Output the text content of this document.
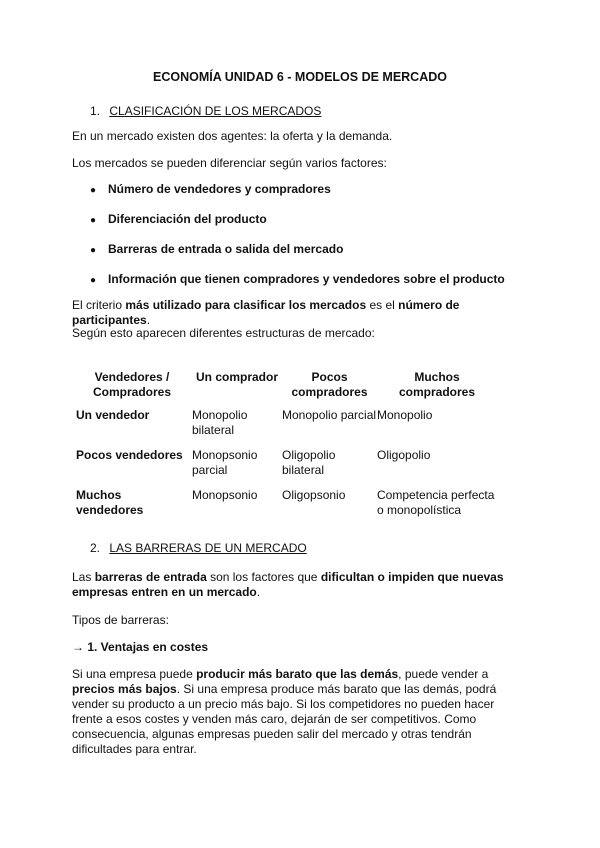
ECONOMÍA UNIDAD 6 - MODELOS DE MERCADO
1. CLASIFICACIÓN DE LOS MERCADOS
En un mercado existen dos agentes: la oferta y la demanda.
Los mercados se pueden diferenciar según varios factores:
● Número de vendedores y compradores
● Diferenciación del producto
● Barreras de entrada o salida del mercado
● Información que tienen compradores y vendedores sobre el producto
El criterio más utilizado para clasificar los mercados es el número de participantes.
Según esto aparecen diferentes estructuras de mercado:
Vendedores / Compradores	Un comprador	Pocos compradores	Muchos compradores
Un vendedor	Monopolio bilateral	Monopolio parcial	Monopolio
Pocos vendedores	Monopsonio parcial	Oligopolio bilateral	Oligopolio
Muchos vendedores	Monopsonio	Oligopsonio	Competencia perfecta o monopolística
2. LAS BARRERAS DE UN MERCADO
Las barreras de entrada son los factores que dificultan o impiden que nuevas empresas entren en un mercado.
Tipos de barreras:
→ 1. Ventajas en costes
Si una empresa puede producir más barato que las demás, puede vender a precios más bajos. Si una empresa produce más barato que las demás, podrá vender su producto a un precio más bajo. Si los competidores no pueden hacer frente a esos costes y venden más caro, dejarán de ser competitivos. Como consecuencia, algunas empresas pueden salir del mercado y otras tendrán dificultades para entrar.
